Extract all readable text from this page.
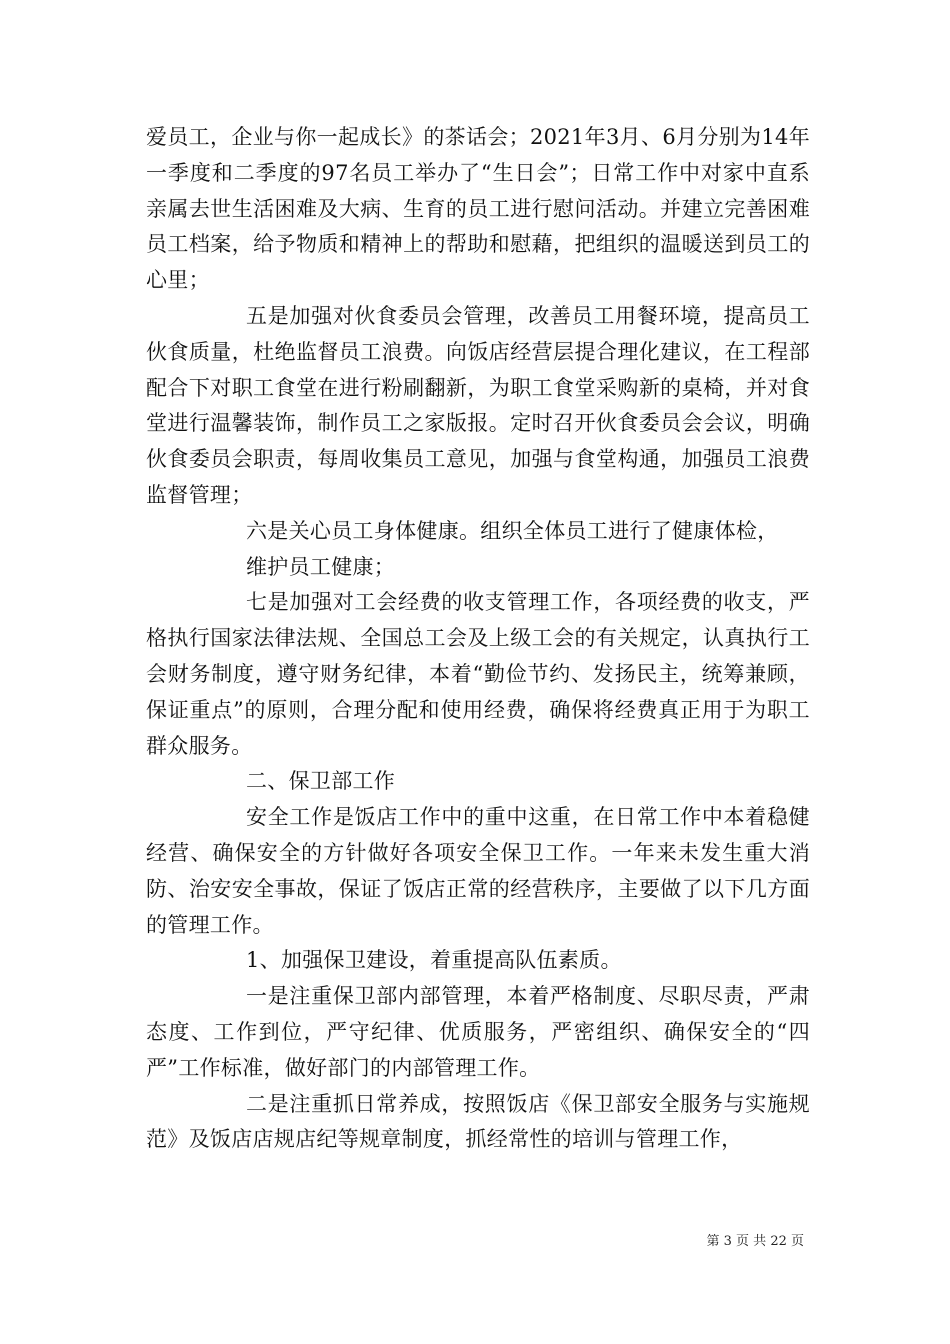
爱员工，企业与你一起成长》的茶话会；2021年3月、6月分别为14年一季度和二季度的97名员工举办了“生日会”；日常工作中对家中直系亲属去世生活困难及大病、生育的员工进行慰问活动。并建立完善困难员工档案，给予物质和精神上的帮助和慰藉，把组织的温暖送到员工的心里；

五是加强对伙食委员会管理，改善员工用餐环境，提高员工伙食质量，杜绝监督员工浪费。向饭店经营层提合理化建议，在工程部配合下对职工食堂在进行粉刷翻新，为职工食堂采购新的桌椅，并对食堂进行温馨装饰，制作员工之家版报。定时召开伙食委员会会议，明确伙食委员会职责，每周收集员工意见，加强与食堂构通，加强员工浪费监督管理；

六是关心员工身体健康。组织全体员工进行了健康体检，

维护员工健康；

七是加强对工会经费的收支管理工作，各项经费的收支，严格执行国家法律法规、全国总工会及上级工会的有关规定，认真执行工会财务制度，遵守财务纪律，本着“勤俭节约、发扬民主，统筹兼顾，保证重点”的原则，合理分配和使用经费，确保将经费真正用于为职工群众服务。

二、保卫部工作

安全工作是饭店工作中的重中这重，在日常工作中本着稳健经营、确保安全的方针做好各项安全保卫工作。一年来未发生重大消防、治安安全事故，保证了饭店正常的经营秩序，主要做了以下几方面的管理工作。

1、加强保卫建设，着重提高队伍素质。

一是注重保卫部内部管理，本着严格制度、尽职尽责，严肃态度、工作到位，严守纪律、优质服务，严密组织、确保安全的“四严”工作标准，做好部门的内部管理工作。

二是注重抓日常养成，按照饭店《保卫部安全服务与实施规范》及饭店店规店纪等规章制度，抓经常性的培训与管理工作，

第 3 页 共 22 页
